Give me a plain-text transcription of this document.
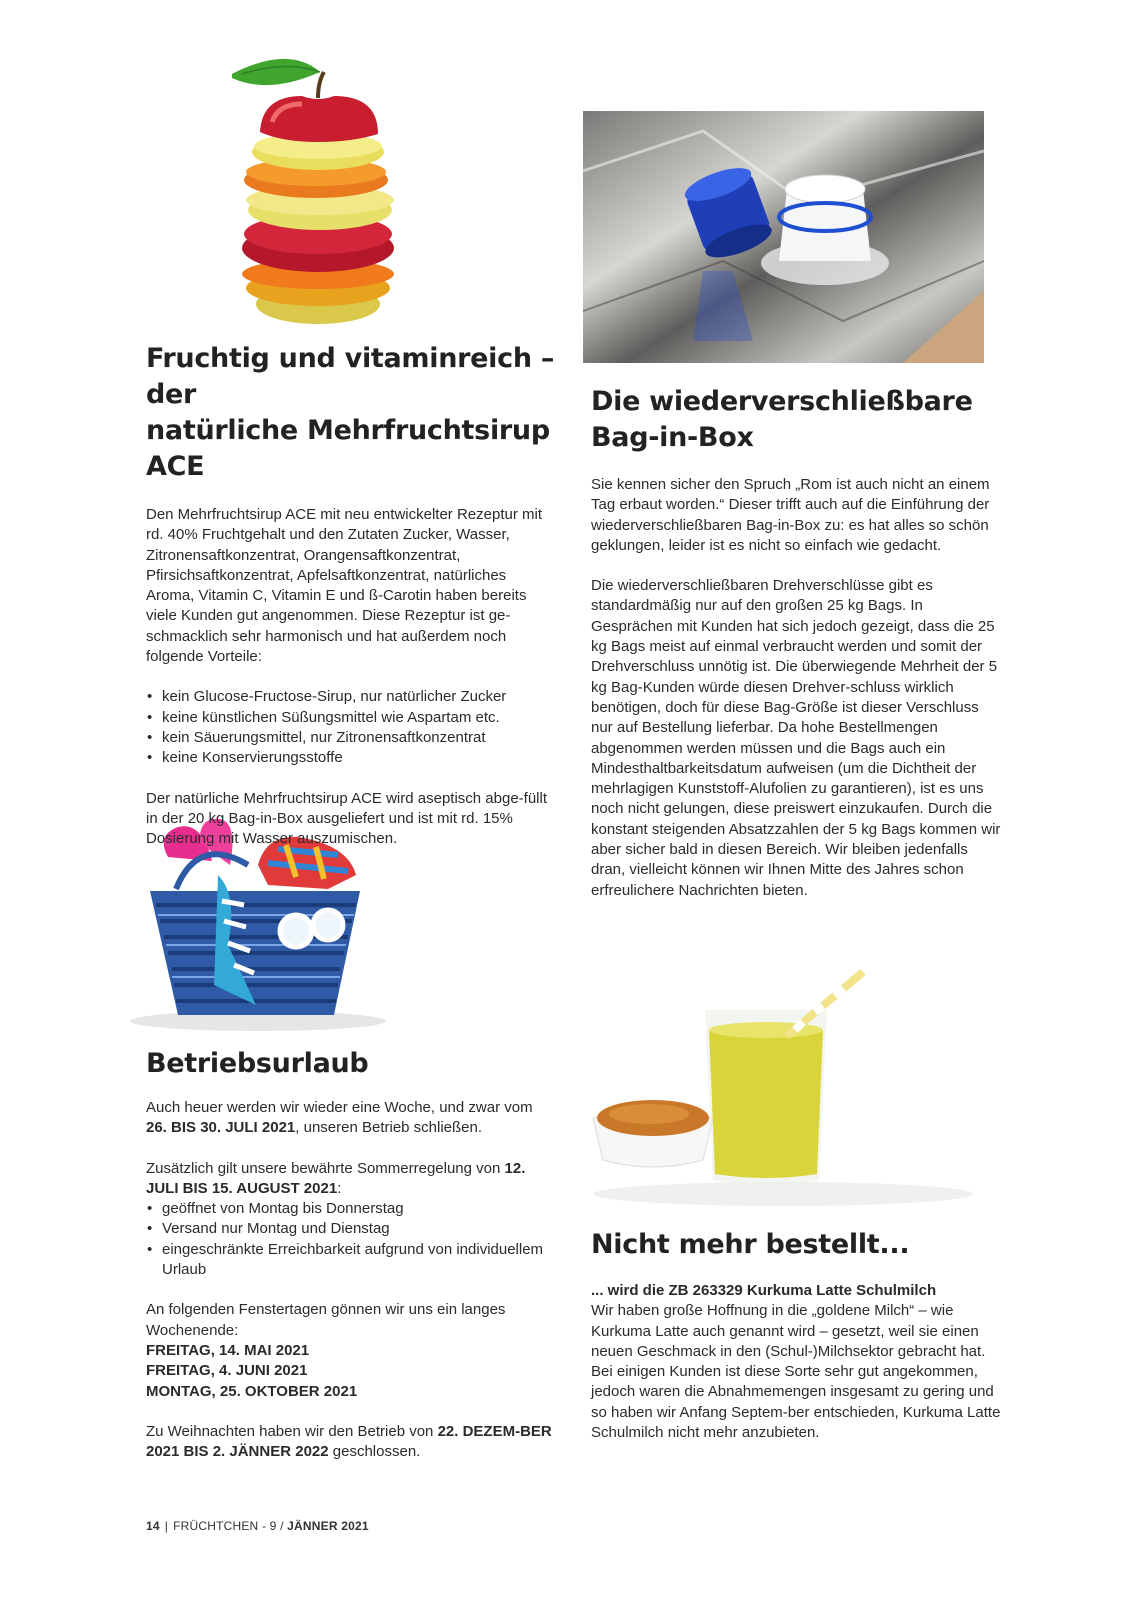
Fruchtig und vitaminreich – der
natürliche Mehrfruchtsirup ACE

Den Mehrfruchtsirup ACE mit neu entwickelter Rezeptur mit rd. 40% Fruchtgehalt und den Zutaten Zucker, Wasser, Zitronensaftkonzentrat, Orangensaftkonzentrat, Pfirsichsaftkonzentrat, Apfelsaftkonzentrat, natürliches Aroma, Vitamin C, Vitamin E und ß-Carotin haben bereits viele Kunden gut angenommen. Diese Rezeptur ist ge-schmacklich sehr harmonisch und hat außerdem noch folgende Vorteile:

• kein Glucose-Fructose-Sirup, nur natürlicher Zucker
• keine künstlichen Süßungsmittel wie Aspartam etc.
• kein Säuerungsmittel, nur Zitronensaftkonzentrat
• keine Konservierungsstoffe

Der natürliche Mehrfruchtsirup ACE wird aseptisch abge-füllt in der 20 kg Bag-in-Box ausgeliefert und ist mit rd. 15% Dosierung mit Wasser auszumischen.

Die wiederverschließbare
Bag-in-Box

Sie kennen sicher den Spruch „Rom ist auch nicht an einem Tag erbaut worden.“ Dieser trifft auch auf die Einführung der wiederverschließbaren Bag-in-Box zu: es hat alles so schön geklungen, leider ist es nicht so einfach wie gedacht.

Die wiederverschließbaren Drehverschlüsse gibt es standardmäßig nur auf den großen 25 kg Bags. In Gesprächen mit Kunden hat sich jedoch gezeigt, dass die 25 kg Bags meist auf einmal verbraucht werden und somit der Drehverschluss unnötig ist. Die überwiegende Mehrheit der 5 kg Bag-Kunden würde diesen Drehver-schluss wirklich benötigen, doch für diese Bag-Größe ist dieser Verschluss nur auf Bestellung lieferbar. Da hohe Bestellmengen abgenommen werden müssen und die Bags auch ein Mindesthaltbarkeitsdatum aufweisen (um die Dichtheit der mehrlagigen Kunststoff-Alufolien zu garantieren), ist es uns noch nicht gelungen, diese preiswert einzukaufen. Durch die konstant steigenden Absatzzahlen der 5 kg Bags kommen wir aber sicher bald in diesen Bereich. Wir bleiben jedenfalls dran, vielleicht können wir Ihnen Mitte des Jahres schon erfreulichere Nachrichten bieten.

Betriebsurlaub

Auch heuer werden wir wieder eine Woche, und zwar vom 26. BIS 30. JULI 2021, unseren Betrieb schließen.

Zusätzlich gilt unsere bewährte Sommerregelung von 12. JULI BIS 15. AUGUST 2021:

• geöffnet von Montag bis Donnerstag
• Versand nur Montag und Dienstag
• eingeschränkte Erreichbarkeit aufgrund von individuellem Urlaub

An folgenden Fenstertagen gönnen wir uns ein langes Wochenende:

FREITAG, 14. MAI 2021

FREITAG, 4. JUNI 2021

MONTAG, 25. OKTOBER 2021

Zu Weihnachten haben wir den Betrieb von 22. DEZEM-BER 2021 BIS 2. JÄNNER 2022 geschlossen.

Nicht mehr bestellt...

... wird die ZB 263329 Kurkuma Latte Schulmilch

Wir haben große Hoffnung in die „goldene Milch“ – wie Kurkuma Latte auch genannt wird – gesetzt, weil sie einen neuen Geschmack in den (Schul-)Milchsektor gebracht hat. Bei einigen Kunden ist diese Sorte sehr gut angekommen, jedoch waren die Abnahmemengen insgesamt zu gering und so haben wir Anfang Septem-ber entschieden, Kurkuma Latte Schulmilch nicht mehr anzubieten.

14 | FRÜCHTCHEN - 9 / JÄNNER 2021
